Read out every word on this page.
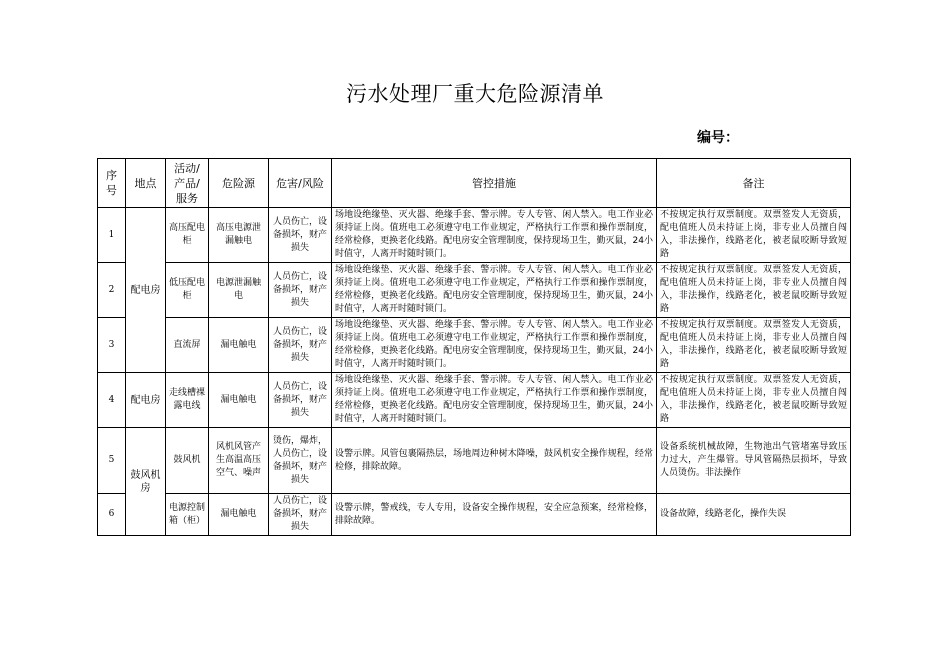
污水处理厂重大危险源清单
编号：
序号	地点	活动/产品/服务	危险源	危害/风险	管控措施	备注
1	配电房	高压配电柜	高压电源泄漏触电	人员伤亡，设备损坏，财产损失	场地设绝缘垫、灭火器、绝缘手套、警示牌。专人专管、闲人禁入。电工作业必须持证上岗。值班电工必须遵守电工作业规定，严格执行工作票和操作票制度，经常检修，更换老化线路。配电房安全管理制度，保持现场卫生，勤灭鼠，24小时值守，人离开时随时锁门。	不按规定执行双票制度。双票签发人无资质，配电值班人员未持证上岗，非专业人员擅自闯入，非法操作，线路老化，被老鼠咬断导致短路
2		低压配电柜	电源泄漏触电	人员伤亡，设备损坏，财产损失	场地设绝缘垫、灭火器、绝缘手套、警示牌。专人专管、闲人禁入。电工作业必须持证上岗。值班电工必须遵守电工作业规定，严格执行工作票和操作票制度，经常检修，更换老化线路。配电房安全管理制度，保持现场卫生，勤灭鼠，24小时值守，人离开时随时锁门。	不按规定执行双票制度。双票签发人无资质，配电值班人员未持证上岗，非专业人员擅自闯入，非法操作，线路老化，被老鼠咬断导致短路
3		直流屏	漏电触电	人员伤亡，设备损坏，财产损失	场地设绝缘垫、灭火器、绝缘手套、警示牌。专人专管、闲人禁入。电工作业必须持证上岗。值班电工必须遵守电工作业规定，严格执行工作票和操作票制度，经常检修，更换老化线路。配电房安全管理制度，保持现场卫生，勤灭鼠，24小时值守，人离开时随时锁门。	不按规定执行双票制度。双票签发人无资质，配电值班人员未持证上岗，非专业人员擅自闯入，非法操作，线路老化，被老鼠咬断导致短路
4	配电房	走线槽裸露电线	漏电触电	人员伤亡，设备损坏，财产损失	场地设绝缘垫、灭火器、绝缘手套、警示牌。专人专管、闲人禁入。电工作业必须持证上岗。值班电工必须遵守电工作业规定，严格执行工作票和操作票制度，经常检修，更换老化线路。配电房安全管理制度，保持现场卫生，勤灭鼠，24小时值守，人离开时随时锁门。	不按规定执行双票制度。双票签发人无资质，配电值班人员未持证上岗，非专业人员擅自闯入，非法操作，线路老化，被老鼠咬断导致短路
5	鼓风机房	鼓风机	风机风管产生高温高压空气、噪声	烫伤，爆炸，人员伤亡，设备损坏，财产损失	设警示牌。风管包裹隔热层，场地周边种树木降噪，鼓风机安全操作规程，经常检修，排除故障。	设备系统机械故障，生物池出气管堵塞导致压力过大，产生爆管。导风管隔热层损坏，导致人员烫伤。非法操作
6		电源控制箱（柜）	漏电触电	人员伤亡，设备损坏，财产损失	设警示牌，警戒线，专人专用，设备安全操作规程，安全应急预案，经常检修，排除故障。	设备故障，线路老化，操作失误
